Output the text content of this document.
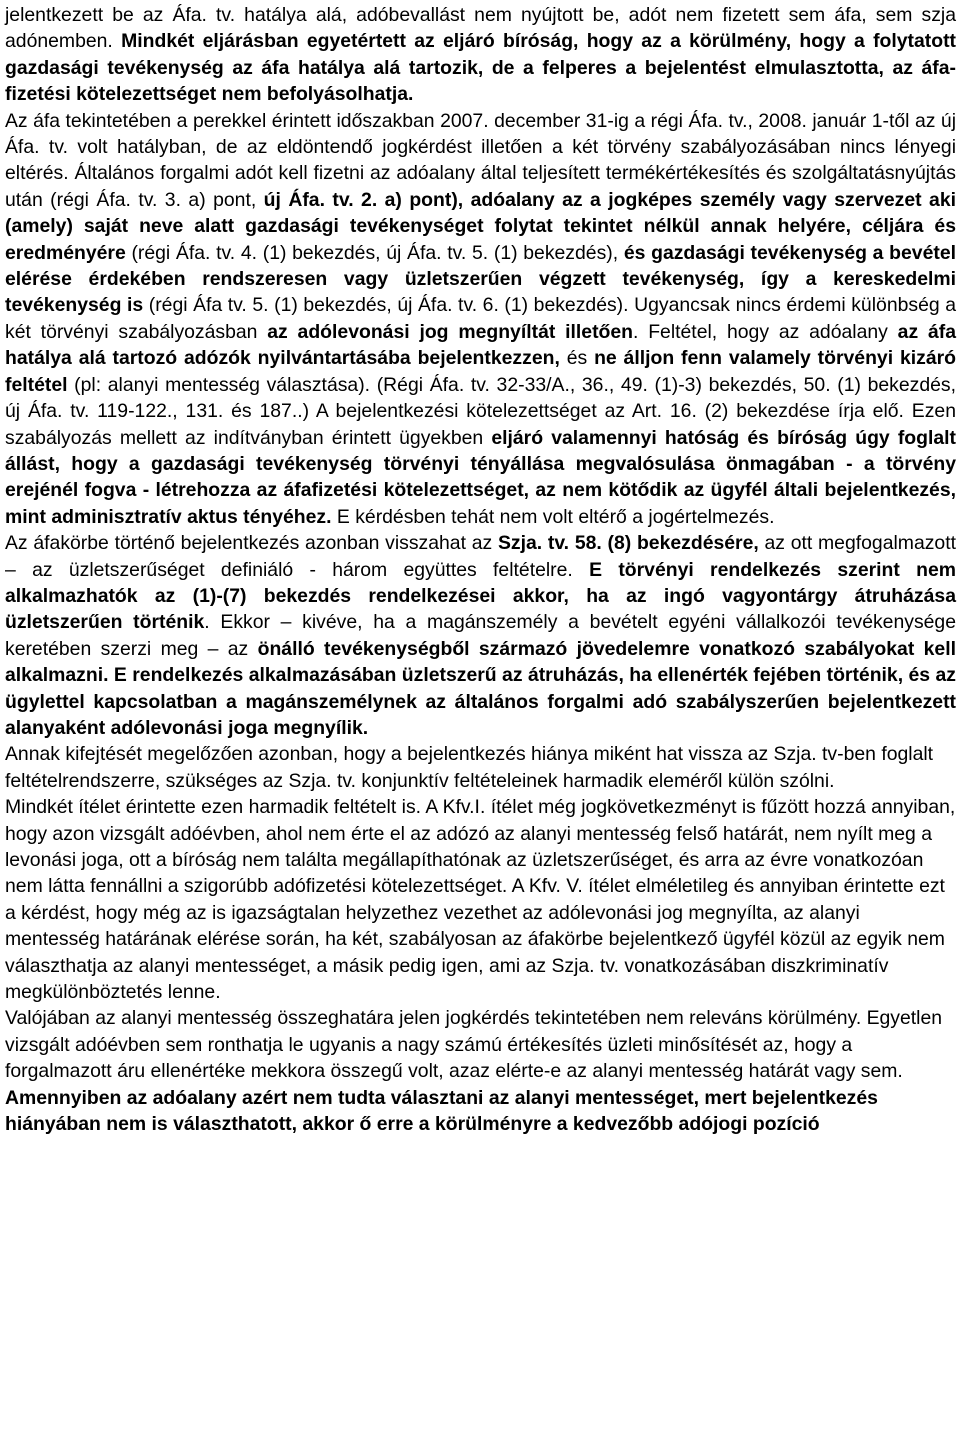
jelentkezett be az Áfa. tv. hatálya alá, adóbevallást nem nyújtott be, adót nem fizetett sem áfa, sem szja adónemben. Mindkét eljárásban egyetértett az eljáró bíróság, hogy az a körülmény, hogy a folytatott gazdasági tevékenység az áfa hatálya alá tartozik, de a felperes a bejelentést elmulasztotta, az áfa-fizetési kötelezettséget nem befolyásolhatja.

Az áfa tekintetében a perekkel érintett időszakban 2007. december 31-ig a régi Áfa. tv., 2008. január 1-től az új Áfa. tv. volt hatályban, de az eldöntendő jogkérdést illetően a két törvény szabályozásában nincs lényegi eltérés. Általános forgalmi adót kell fizetni az adóalany által teljesített termékértékesítés és szolgáltatásnyújtás után (régi Áfa. tv. 3. a) pont, új Áfa. tv. 2. a) pont), adóalany az a jogképes személy vagy szervezet aki (amely) saját neve alatt gazdasági tevékenységet folytat tekintet nélkül annak helyére, céljára és eredményére (régi Áfa. tv. 4. (1) bekezdés, új Áfa. tv. 5. (1) bekezdés), és gazdasági tevékenység a bevétel elérése érdekében rendszeresen vagy üzletszerűen végzett tevékenység, így a kereskedelmi tevékenység is (régi Áfa tv. 5. (1) bekezdés, új Áfa. tv. 6. (1) bekezdés). Ugyancsak nincs érdemi különbség a két törvényi szabályozásban az adólevonási jog megnyíltát illetően. Feltétel, hogy az adóalany az áfa hatálya alá tartozó adózók nyilvántartásába bejelentkezzen, és ne álljon fenn valamely törvényi kizáró feltétel (pl: alanyi mentesség választása). (Régi Áfa. tv. 32-33/A., 36., 49. (1)-3) bekezdés, 50. (1) bekezdés, új Áfa. tv. 119-122., 131. és 187..) A bejelentkezési kötelezettséget az Art. 16. (2) bekezdése írja elő. Ezen szabályozás mellett az indítványban érintett ügyekben eljáró valamennyi hatóság és bíróság úgy foglalt állást, hogy a gazdasági tevékenység törvényi tényállása megvalósulása önmagában - a törvény erejénél fogva - létrehozza az áfafizetési kötelezettséget, az nem kötődik az ügyfél általi bejelentkezés, mint adminisztratív aktus tényéhez. E kérdésben tehát nem volt eltérő a jogértelmezés.

Az áfakörbe történő bejelentkezés azonban visszahat az Szja. tv. 58. (8) bekezdésére, az ott megfogalmazott – az üzletszerűséget definiáló - három együttes feltételre. E törvényi rendelkezés szerint nem alkalmazhatók az (1)-(7) bekezdés rendelkezései akkor, ha az ingó vagyontárgy átruházása üzletszerűen történik. Ekkor – kivéve, ha a magánszemély a bevételt egyéni vállalkozói tevékenysége keretében szerzi meg – az önálló tevékenységből származó jövedelemre vonatkozó szabályokat kell alkalmazni. E rendelkezés alkalmazásában üzletszerű az átruházás, ha ellenérték fejében történik, és az ügylettel kapcsolatban a magánszemélynek az általános forgalmi adó szabályszerűen bejelentkezett alanyaként adólevonási joga megnyílik.

Annak kifejtését megelőzően azonban, hogy a bejelentkezés hiánya miként hat vissza az Szja. tv-ben foglalt feltételrendszerre, szükséges az Szja. tv. konjunktív feltételeinek harmadik eleméről külön szólni.

Mindkét ítélet érintette ezen harmadik feltételt is. A Kfv.I. ítélet még jogkövetkezményt is fűzött hozzá annyiban, hogy azon vizsgált adóévben, ahol nem érte el az adózó az alanyi mentesség felső határát, nem nyílt meg a levonási joga, ott a bíróság nem találta megállapíthatónak az üzletszerűséget, és arra az évre vonatkozóan nem látta fennállni a szigorúbb adófizetési kötelezettséget. A Kfv. V. ítélet elméletileg és annyiban érintette ezt a kérdést, hogy még az is igazságtalan helyzethez vezethet az adólevonási jog megnyílta, az alanyi mentesség határának elérése során, ha két, szabályosan az áfakörbe bejelentkező ügyfél közül az egyik nem választhatja az alanyi mentességet, a másik pedig igen, ami az Szja. tv. vonatkozásában diszkriminatív megkülönböztetés lenne.

Valójában az alanyi mentesség összeghatára jelen jogkérdés tekintetében nem releváns körülmény. Egyetlen vizsgált adóévben sem ronthatja le ugyanis a nagy számú értékesítés üzleti minősítését az, hogy a forgalmazott áru ellenértéke mekkora összegű volt, azaz elérte-e az alanyi mentesség határát vagy sem. Amennyiben az adóalany azért nem tudta választani az alanyi mentességet, mert bejelentkezés hiányában nem is választhatott, akkor ő erre a körülményre a kedvezőbb adójogi pozíció
